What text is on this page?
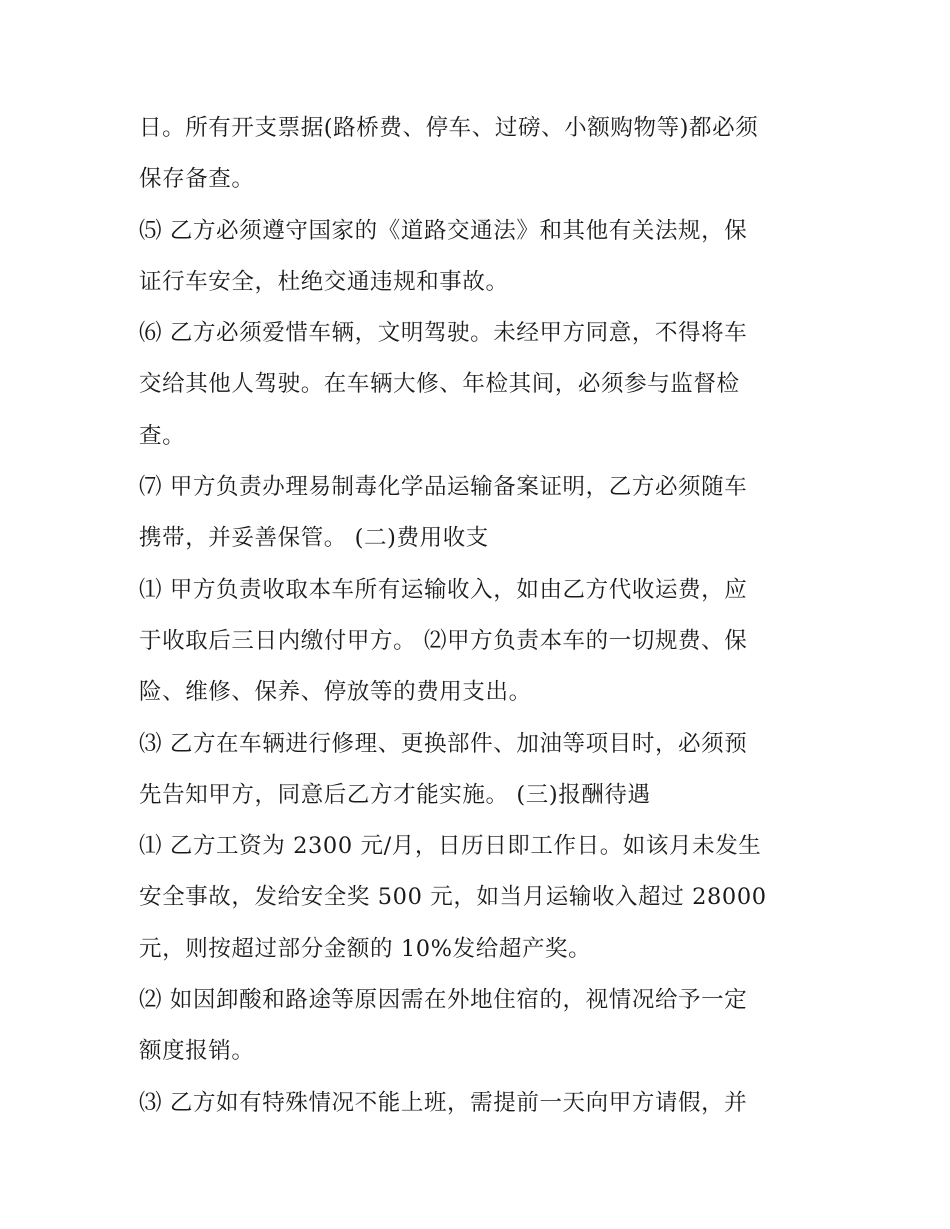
日。所有开支票据(路桥费、停车、过磅、小额购物等)都必须
保存备查。
⑸ 乙方必须遵守国家的《道路交通法》和其他有关法规，保
证行车安全，杜绝交通违规和事故。
⑹ 乙方必须爱惜车辆，文明驾驶。未经甲方同意，不得将车
交给其他人驾驶。在车辆大修、年检其间，必须参与监督检
查。
⑺ 甲方负责办理易制毒化学品运输备案证明，乙方必须随车
携带，并妥善保管。 (二)费用收支
⑴ 甲方负责收取本车所有运输收入，如由乙方代收运费，应
于收取后三日内缴付甲方。 ⑵甲方负责本车的一切规费、保
险、维修、保养、停放等的费用支出。
⑶ 乙方在车辆进行修理、更换部件、加油等项目时，必须预
先告知甲方，同意后乙方才能实施。 (三)报酬待遇
⑴ 乙方工资为 2300 元/月，日历日即工作日。如该月未发生
安全事故，发给安全奖 500 元，如当月运输收入超过 28000
元，则按超过部分金额的 10%发给超产奖。
⑵ 如因卸酸和路途等原因需在外地住宿的，视情况给予一定
额度报销。
⑶ 乙方如有特殊情况不能上班，需提前一天向甲方请假，并
